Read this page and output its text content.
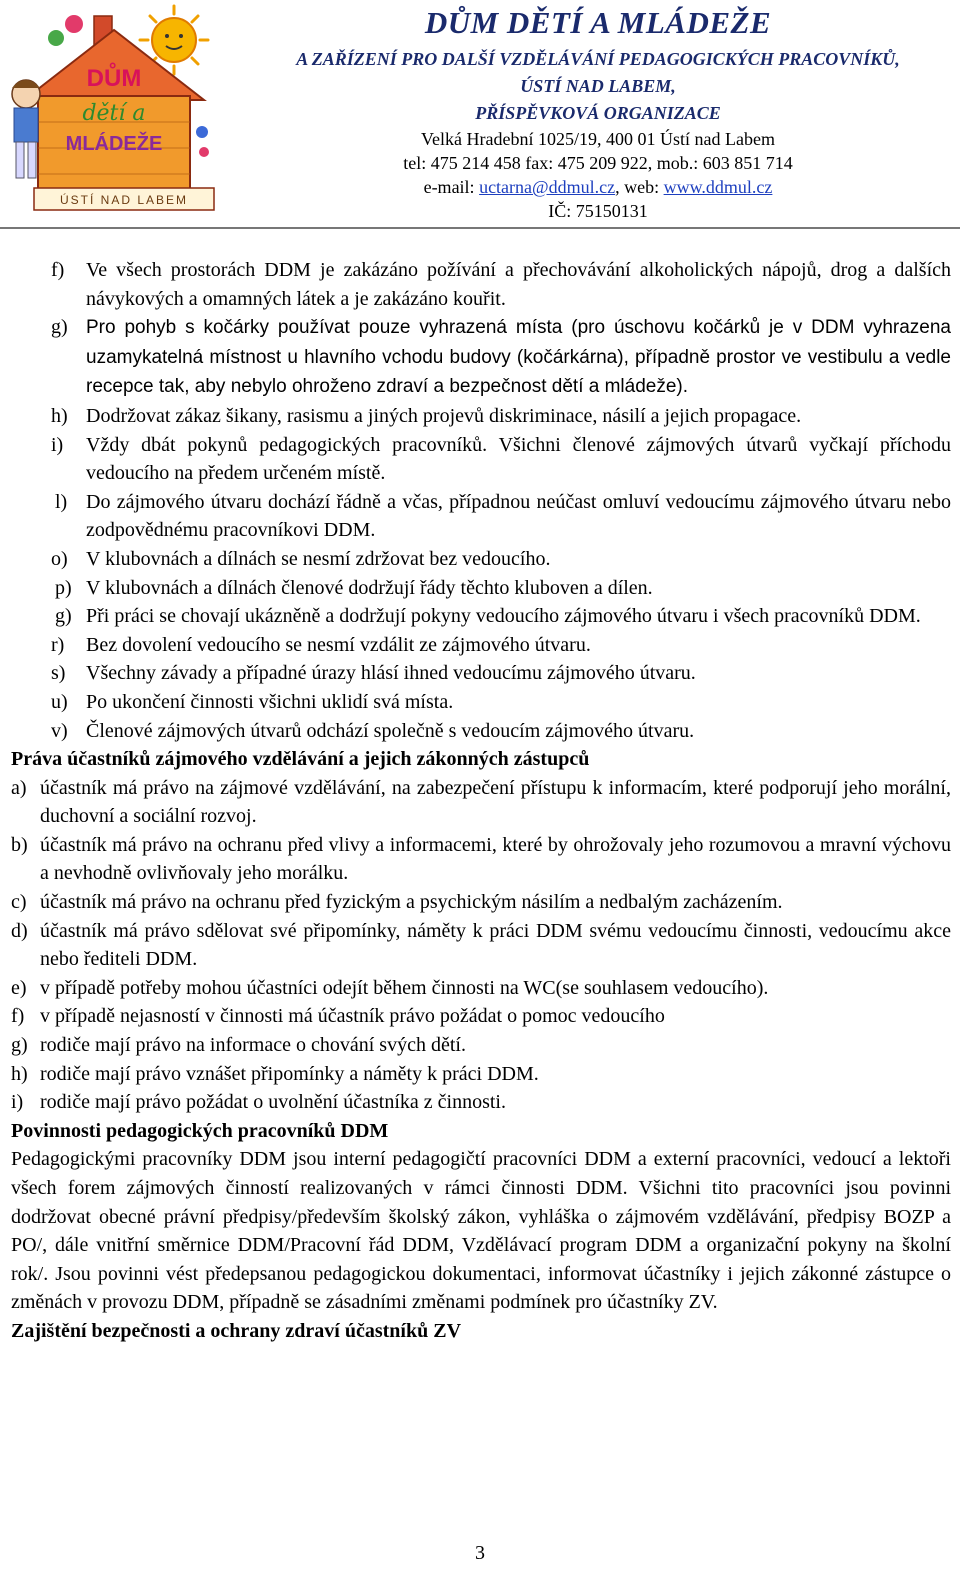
DŮM
dětí a
MLÁDEŽE
ÚSTÍ NAD LABEM
DŮM DĚTÍ A MLÁDEŽE
A ZAŘÍZENÍ PRO DALŠÍ VZDĚLÁVÁNÍ PEDAGOGICKÝCH PRACOVNÍKŮ,
ÚSTÍ NAD LABEM,
PŘÍSPĚVKOVÁ ORGANIZACE
Velká Hradební 1025/19, 400 01 Ústí nad Labem
tel: 475 214 458 fax: 475 209 922, mob.: 603 851 714
e-mail: uctarna@ddmul.cz, web: www.ddmul.cz
IČ: 75150131
f) Ve všech prostorách DDM je zakázáno požívání a přechovávání alkoholických nápojů, drog a dalších návykových a omamných látek a je zakázáno kouřit.
g) Pro pohyb s kočárky používat pouze vyhrazená místa (pro úschovu kočárků je v DDM vyhrazena uzamykatelná místnost u hlavního vchodu budovy (kočárkárna), případně prostor ve vestibulu a vedle recepce tak, aby nebylo ohroženo zdraví a bezpečnost dětí a mládeže).
h) Dodržovat zákaz šikany, rasismu a jiných projevů diskriminace, násilí a jejich propagace.
i) Vždy dbát pokynů pedagogických pracovníků. Všichni členové zájmových útvarů vyčkají příchodu vedoucího na předem určeném místě.
l) Do zájmového útvaru dochází řádně a včas, případnou neúčast omluví vedoucímu zájmového útvaru nebo zodpovědnému pracovníkovi DDM.
o) V klubovnách a dílnách se nesmí zdržovat bez vedoucího.
p) V klubovnách a dílnách členové dodržují řády těchto kluboven a dílen.
g) Při práci se chovají ukázněně a dodržují pokyny vedoucího zájmového útvaru i všech pracovníků DDM.
r) Bez dovolení vedoucího se nesmí vzdálit ze zájmového útvaru.
s) Všechny závady a případné úrazy hlásí ihned vedoucímu zájmového útvaru.
u) Po ukončení činnosti všichni uklidí svá místa.
v) Členové zájmových útvarů odchází společně s vedoucím zájmového útvaru.
Práva účastníků zájmového vzdělávání a jejich zákonných zástupců
a) účastník má právo na zájmové vzdělávání, na zabezpečení přístupu k informacím, které podporují jeho morální, duchovní a sociální rozvoj.
b) účastník má právo na ochranu před vlivy a informacemi, které by ohrožovaly jeho rozumovou a mravní výchovu a nevhodně ovlivňovaly jeho morálku.
c) účastník má právo na ochranu před fyzickým a psychickým násilím a nedbalým zacházením.
d) účastník má právo sdělovat své připomínky, náměty k práci DDM svému vedoucímu činnosti, vedoucímu akce nebo řediteli DDM.
e) v případě potřeby mohou účastníci odejít během činnosti na WC(se souhlasem vedoucího).
f) v případě nejasností v činnosti má účastník právo požádat o pomoc vedoucího
g) rodiče mají právo na informace o chování svých dětí.
h) rodiče mají právo vznášet připomínky a náměty k práci DDM.
i) rodiče mají právo požádat o uvolnění účastníka z činnosti.
Povinnosti pedagogických pracovníků DDM
Pedagogickými pracovníky DDM jsou interní pedagogičtí pracovníci DDM a externí pracovníci, vedoucí a lektoři všech forem zájmových činností realizovaných v rámci činnosti DDM. Všichni tito pracovníci jsou povinni dodržovat obecné právní předpisy/především školský zákon, vyhláška o zájmovém vzdělávání, předpisy BOZP a PO/, dále vnitřní směrnice DDM/Pracovní řád DDM, Vzdělávací program DDM a organizační pokyny na školní rok/. Jsou povinni vést předepsanou pedagogickou dokumentaci, informovat účastníky i jejich zákonné zástupce o změnách v provozu DDM, případně se zásadními změnami podmínek pro účastníky ZV.
Zajištění bezpečnosti a ochrany zdraví účastníků ZV
3
